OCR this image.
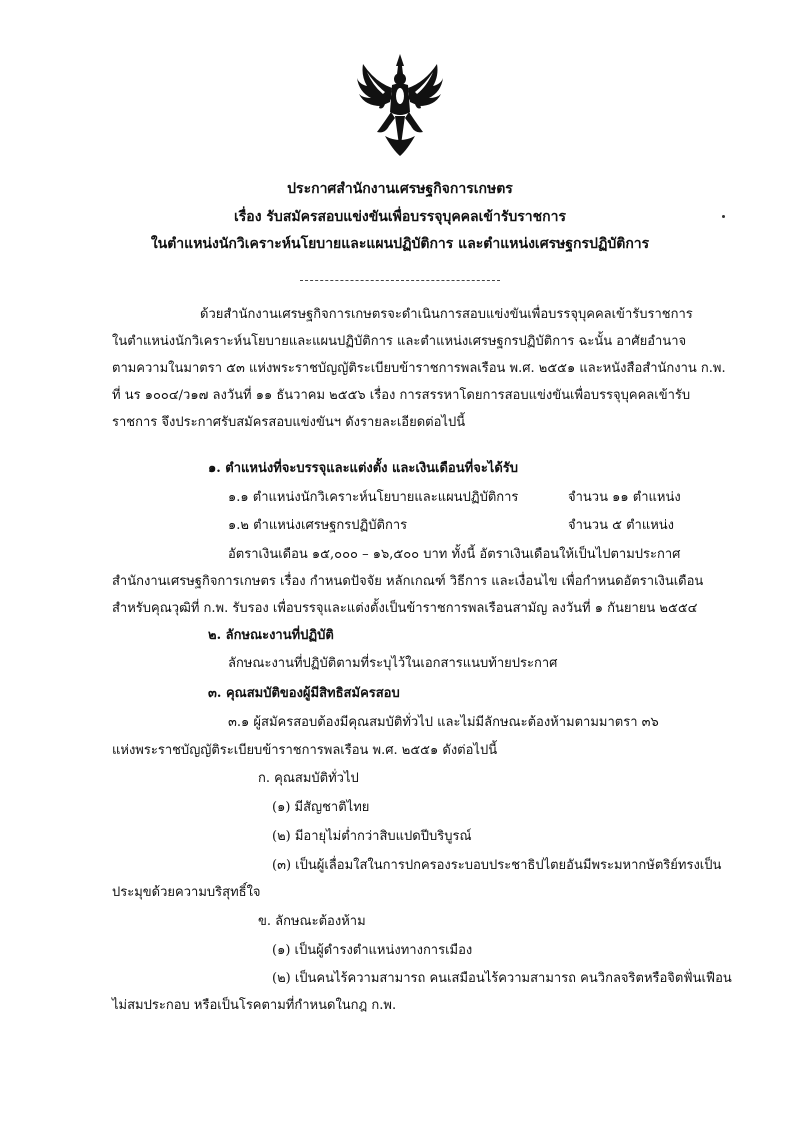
ประกาศสำนักงานเศรษฐกิจการเกษตร
เรื่อง รับสมัครสอบแข่งขันเพื่อบรรจุบุคคลเข้ารับราชการ
ในตำแหน่งนักวิเคราะห์นโยบายและแผนปฏิบัติการ และตำแหน่งเศรษฐกรปฏิบัติการ
ด้วยสำนักงานเศรษฐกิจการเกษตรจะดำเนินการสอบแข่งขันเพื่อบรรจุบุคคลเข้ารับราชการ
ในตำแหน่งนักวิเคราะห์นโยบายและแผนปฏิบัติการ และตำแหน่งเศรษฐกรปฏิบัติการ ฉะนั้น อาศัยอำนาจ
ตามความในมาตรา ๕๓ แห่งพระราชบัญญัติระเบียบข้าราชการพลเรือน พ.ศ. ๒๕๕๑ และหนังสือสำนักงาน ก.พ.
ที่ นร ๑๐๐๔/ว๑๗ ลงวันที่ ๑๑ ธันวาคม ๒๕๕๖ เรื่อง การสรรหาโดยการสอบแข่งขันเพื่อบรรจุบุคคลเข้ารับ
ราชการ จึงประกาศรับสมัครสอบแข่งขันฯ ดังรายละเอียดต่อไปนี้
๑. ตำแหน่งที่จะบรรจุและแต่งตั้ง และเงินเดือนที่จะได้รับ
๑.๑ ตำแหน่งนักวิเคราะห์นโยบายและแผนปฏิบัติการ	จำนวน ๑๑ ตำแหน่ง
๑.๒ ตำแหน่งเศรษฐกรปฏิบัติการ	จำนวน ๕ ตำแหน่ง
อัตราเงินเดือน ๑๕,๐๐๐ – ๑๖,๕๐๐ บาท ทั้งนี้ อัตราเงินเดือนให้เป็นไปตามประกาศ
สำนักงานเศรษฐกิจการเกษตร เรื่อง กำหนดปัจจัย หลักเกณฑ์ วิธีการ และเงื่อนไข เพื่อกำหนดอัตราเงินเดือน
สำหรับคุณวุฒิที่ ก.พ. รับรอง เพื่อบรรจุและแต่งตั้งเป็นข้าราชการพลเรือนสามัญ ลงวันที่ ๑ กันยายน ๒๕๕๔
๒. ลักษณะงานที่ปฏิบัติ
ลักษณะงานที่ปฏิบัติตามที่ระบุไว้ในเอกสารแนบท้ายประกาศ
๓. คุณสมบัติของผู้มีสิทธิสมัครสอบ
๓.๑ ผู้สมัครสอบต้องมีคุณสมบัติทั่วไป และไม่มีลักษณะต้องห้ามตามมาตรา ๓๖
แห่งพระราชบัญญัติระเบียบข้าราชการพลเรือน พ.ศ. ๒๕๕๑ ดังต่อไปนี้
ก. คุณสมบัติทั่วไป
(๑) มีสัญชาติไทย
(๒) มีอายุไม่ต่ำกว่าสิบแปดปีบริบูรณ์
(๓) เป็นผู้เลื่อมใสในการปกครองระบอบประชาธิปไตยอันมีพระมหากษัตริย์ทรงเป็น
ประมุขด้วยความบริสุทธิ์ใจ
ข. ลักษณะต้องห้าม
(๑) เป็นผู้ดำรงตำแหน่งทางการเมือง
(๒) เป็นคนไร้ความสามารถ คนเสมือนไร้ความสามารถ คนวิกลจริตหรือจิตฟั่นเฟือน
ไม่สมประกอบ หรือเป็นโรคตามที่กำหนดในกฎ ก.พ.
